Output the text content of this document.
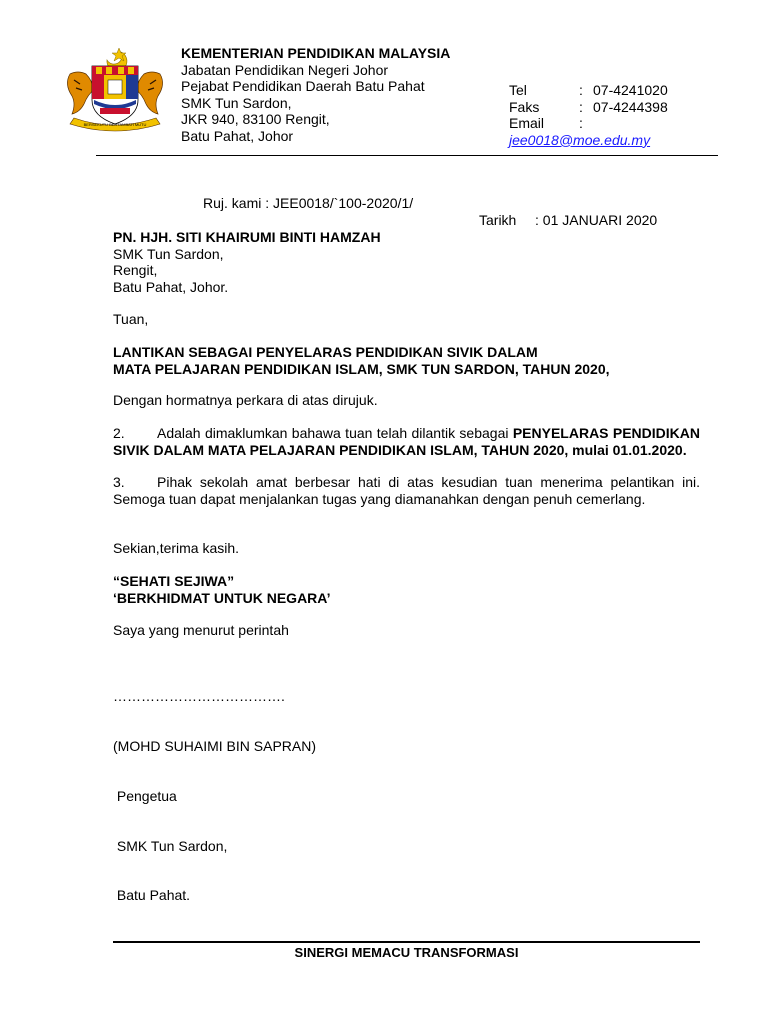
BERSEKUTU BERTAMBAH MUTU
KEMENTERIAN PENDIDIKAN MALAYSIA
Jabatan Pendidikan Negeri Johor
Pejabat Pendidikan Daerah Batu Pahat
SMK Tun Sardon,
JKR 940, 83100 Rengit,
Batu Pahat, Johor
Tel	: 07-4241020
Faks	: 07-4244398
Email	:
jee0018@moe.edu.my
Ruj. kami : JEE0018/`100-2020/1/
Tarikh	: 01 JANUARI 2020
PN. HJH. SITI KHAIRUMI BINTI HAMZAH
SMK Tun Sardon,
Rengit,
Batu Pahat, Johor.
Tuan,
LANTIKAN SEBAGAI PENYELARAS PENDIDIKAN SIVIK DALAM
MATA PELAJARAN PENDIDIKAN ISLAM, SMK TUN SARDON, TAHUN 2020,
Dengan hormatnya perkara di atas dirujuk.
2. Adalah dimaklumkan bahawa tuan telah dilantik sebagai PENYELARAS PENDIDIKAN SIVIK DALAM MATA PELAJARAN PENDIDIKAN ISLAM, TAHUN 2020, mulai 01.01.2020.
3. Pihak sekolah amat berbesar hati di atas kesudian tuan menerima pelantikan ini. Semoga tuan dapat menjalankan tugas yang diamanahkan dengan penuh cemerlang.
Sekian,terima kasih.
“SEHATI SEJIWA”
‘BERKHIDMAT UNTUK NEGARA’
Saya yang menurut perintah

……………………………….

(MOHD SUHAIMI BIN SAPRAN)

Pengetua

SMK Tun Sardon,

Batu Pahat.

SINERGI MEMACU TRANSFORMASI
